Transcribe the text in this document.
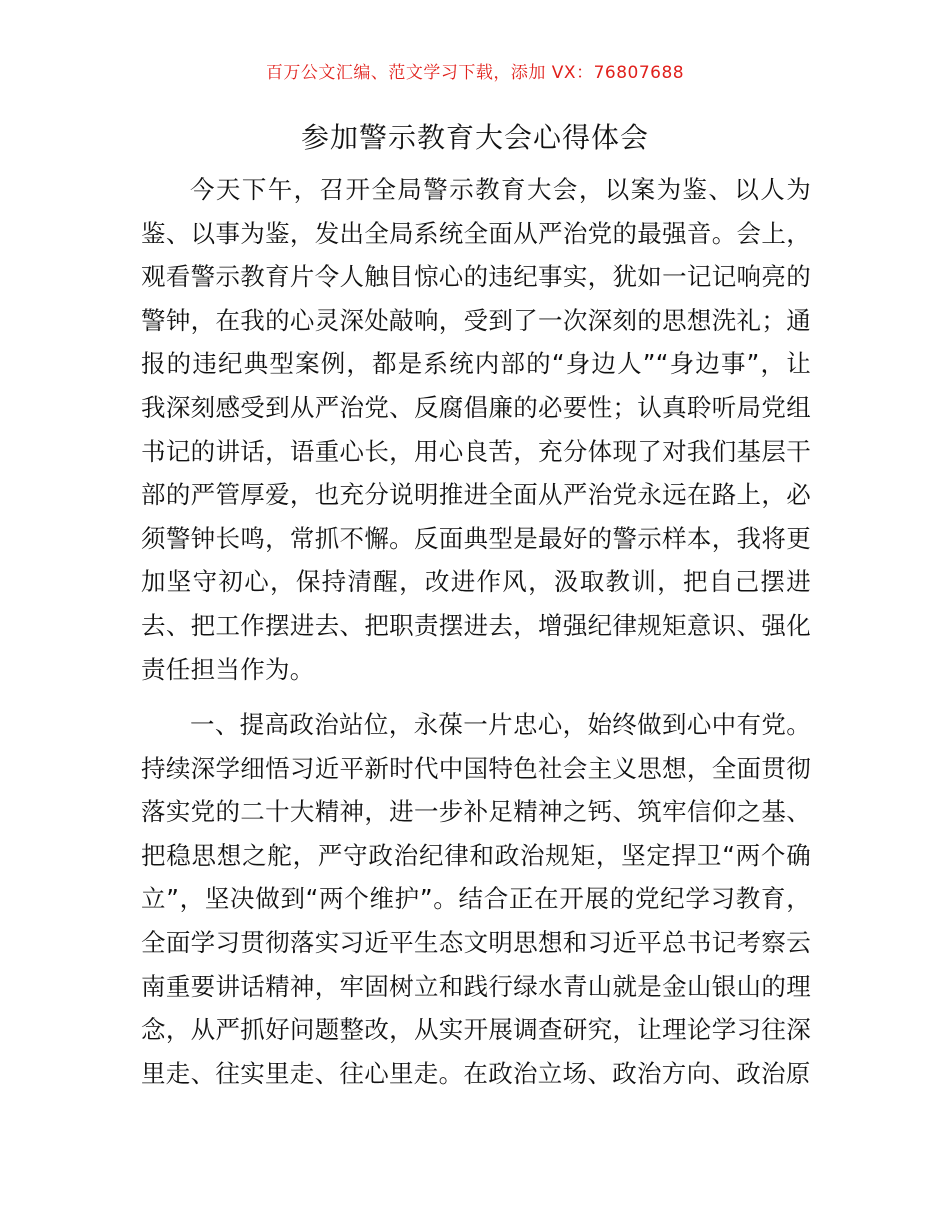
百万公文汇编、范文学习下载，添加 VX：76807688
参加警示教育大会心得体会

今天下午，召开全局警示教育大会，以案为鉴、以人为鉴、以事为鉴，发出全局系统全面从严治党的最强音。会上，观看警示教育片令人触目惊心的违纪事实，犹如一记记响亮的警钟，在我的心灵深处敲响，受到了一次深刻的思想洗礼；通报的违纪典型案例，都是系统内部的“身边人”“身边事”，让我深刻感受到从严治党、反腐倡廉的必要性；认真聆听局党组书记的讲话，语重心长，用心良苦，充分体现了对我们基层干部的严管厚爱，也充分说明推进全面从严治党永远在路上，必须警钟长鸣，常抓不懈。反面典型是最好的警示样本，我将更加坚守初心，保持清醒，改进作风，汲取教训，把自己摆进去、把工作摆进去、把职责摆进去，增强纪律规矩意识、强化责任担当作为。

一、提高政治站位，永葆一片忠心，始终做到心中有党。持续深学细悟习近平新时代中国特色社会主义思想，全面贯彻落实党的二十大精神，进一步补足精神之钙、筑牢信仰之基、把稳思想之舵，严守政治纪律和政治规矩，坚定捍卫“两个确立”，坚决做到“两个维护”。结合正在开展的党纪学习教育，全面学习贯彻落实习近平生态文明思想和习近平总书记考察云南重要讲话精神，牢固树立和践行绿水青山就是金山银山的理念，从严抓好问题整改，从实开展调查研究，让理论学习往深里走、往实里走、往心里走。在政治立场、政治方向、政治原
